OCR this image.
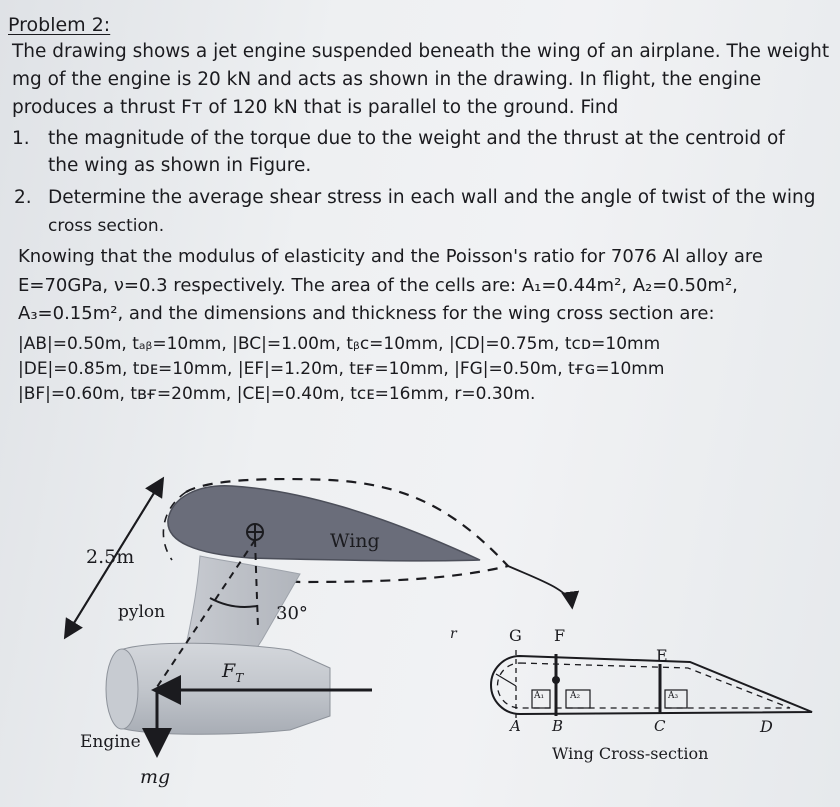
Problem 2:
The drawing shows a jet engine suspended beneath the wing of an airplane. The weight
mg of the engine is 20 kN and acts as shown in the drawing. In flight, the engine
produces a thrust Fᴛ of 120 kN that is parallel to the ground. Find
1. the magnitude of the torque due to the weight and the thrust at the centroid of
the wing as shown in Figure.
2. Determine the average shear stress in each wall and the angle of twist of the wing
cross section.
Knowing that the modulus of elasticity and the Poisson's ratio for 7076 Al alloy are
E=70GPa, ν=0.3 respectively. The area of the cells are: A₁=0.44m², A₂=0.50m²,
A₃=0.15m², and the dimensions and thickness for the wing cross section are:
|AB|=0.50m, tₐᵦ=10mm, |BC|=1.00m, tᵦᴄ=10mm, |CD|=0.75m, tᴄᴅ=10mm
|DE|=0.85m, tᴅᴇ=10mm, |EF|=1.20m, tᴇғ=10mm, |FG|=0.50m, tғɢ=10mm
|BF|=0.60m, tʙғ=20mm, |CE|=0.40m, tᴄᴇ=16mm, r=0.30m.
2.5m
pylon	30°
Wing
$F_T$
Engine
mg
r	G F
E
A B	C	D
A₁	A₂	A₃
Wing Cross-section
